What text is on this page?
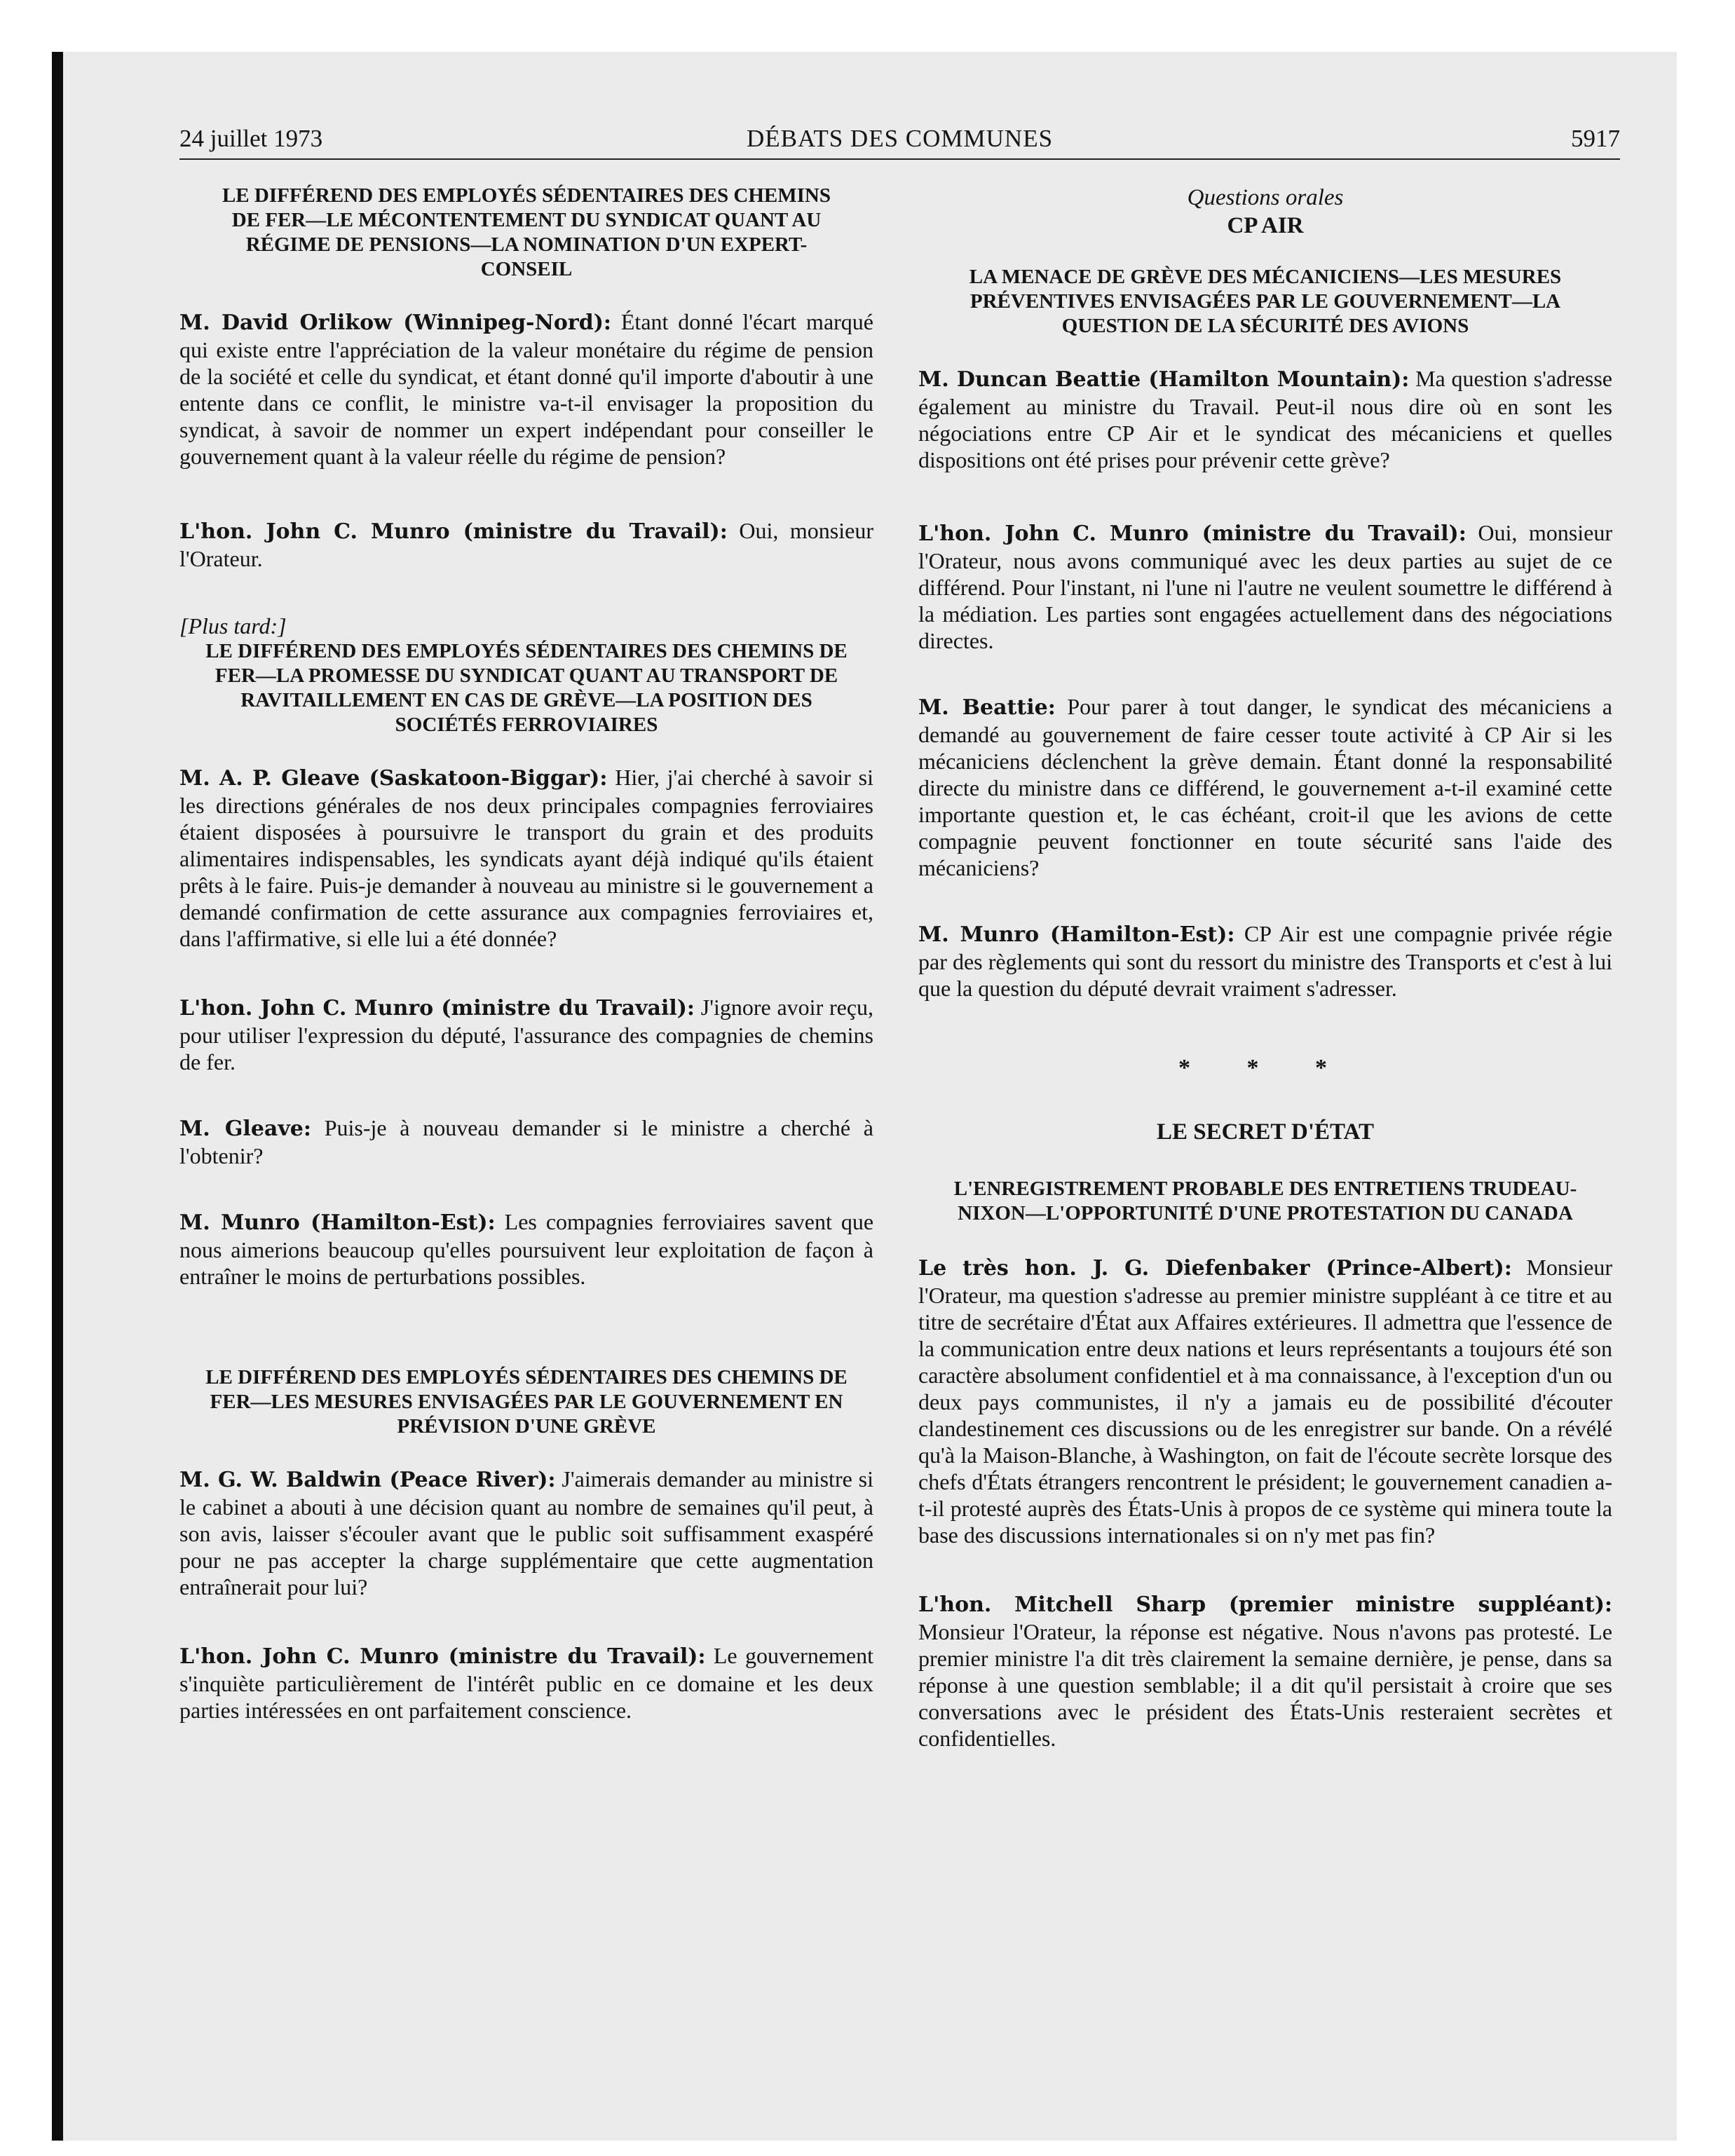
24 juillet 1973	DÉBATS DES COMMUNES	5917

LE DIFFÉREND DES EMPLOYÉS SÉDENTAIRES DES CHEMINS DE FER—LE MÉCONTENTEMENT DU SYNDICAT QUANT AU RÉGIME DE PENSIONS—LA NOMINATION D'UN EXPERT-CONSEIL

M. David Orlikow (Winnipeg-Nord): Étant donné l'écart marqué qui existe entre l'appréciation de la valeur monétaire du régime de pension de la société et celle du syndicat, et étant donné qu'il importe d'aboutir à une entente dans ce conflit, le ministre va-t-il envisager la proposition du syndicat, à savoir de nommer un expert indépendant pour conseiller le gouvernement quant à la valeur réelle du régime de pension?

L'hon. John C. Munro (ministre du Travail): Oui, monsieur l'Orateur.

[Plus tard:]

LE DIFFÉREND DES EMPLOYÉS SÉDENTAIRES DES CHEMINS DE FER—LA PROMESSE DU SYNDICAT QUANT AU TRANSPORT DE RAVITAILLEMENT EN CAS DE GRÈVE—LA POSITION DES SOCIÉTÉS FERROVIAIRES

M. A. P. Gleave (Saskatoon-Biggar): Hier, j'ai cherché à savoir si les directions générales de nos deux principales compagnies ferroviaires étaient disposées à poursuivre le transport du grain et des produits alimentaires indispensables, les syndicats ayant déjà indiqué qu'ils étaient prêts à le faire. Puis-je demander à nouveau au ministre si le gouvernement a demandé confirmation de cette assurance aux compagnies ferroviaires et, dans l'affirmative, si elle lui a été donnée?

L'hon. John C. Munro (ministre du Travail): J'ignore avoir reçu, pour utiliser l'expression du député, l'assurance des compagnies de chemins de fer.

M. Gleave: Puis-je à nouveau demander si le ministre a cherché à l'obtenir?

M. Munro (Hamilton-Est): Les compagnies ferroviaires savent que nous aimerions beaucoup qu'elles poursuivent leur exploitation de façon à entraîner le moins de perturbations possibles.

LE DIFFÉREND DES EMPLOYÉS SÉDENTAIRES DES CHEMINS DE FER—LES MESURES ENVISAGÉES PAR LE GOUVERNEMENT EN PRÉVISION D'UNE GRÈVE

M. G. W. Baldwin (Peace River): J'aimerais demander au ministre si le cabinet a abouti à une décision quant au nombre de semaines qu'il peut, à son avis, laisser s'écouler avant que le public soit suffisamment exaspéré pour ne pas accepter la charge supplémentaire que cette augmentation entraînerait pour lui?

L'hon. John C. Munro (ministre du Travail): Le gouvernement s'inquiète particulièrement de l'intérêt public en ce domaine et les deux parties intéressées en ont parfaitement conscience.

Questions orales

CP AIR

LA MENACE DE GRÈVE DES MÉCANICIENS—LES MESURES PRÉVENTIVES ENVISAGÉES PAR LE GOUVERNEMENT—LA QUESTION DE LA SÉCURITÉ DES AVIONS

M. Duncan Beattie (Hamilton Mountain): Ma question s'adresse également au ministre du Travail. Peut-il nous dire où en sont les négociations entre CP Air et le syndicat des mécaniciens et quelles dispositions ont été prises pour prévenir cette grève?

L'hon. John C. Munro (ministre du Travail): Oui, monsieur l'Orateur, nous avons communiqué avec les deux parties au sujet de ce différend. Pour l'instant, ni l'une ni l'autre ne veulent soumettre le différend à la médiation. Les parties sont engagées actuellement dans des négociations directes.

M. Beattie: Pour parer à tout danger, le syndicat des mécaniciens a demandé au gouvernement de faire cesser toute activité à CP Air si les mécaniciens déclenchent la grève demain. Étant donné la responsabilité directe du ministre dans ce différend, le gouvernement a-t-il examiné cette importante question et, le cas échéant, croit-il que les avions de cette compagnie peuvent fonctionner en toute sécurité sans l'aide des mécaniciens?

M. Munro (Hamilton-Est): CP Air est une compagnie privée régie par des règlements qui sont du ressort du ministre des Transports et c'est à lui que la question du député devrait vraiment s'adresser.

* * *

LE SECRET D'ÉTAT

L'ENREGISTREMENT PROBABLE DES ENTRETIENS TRUDEAU-NIXON—L'OPPORTUNITÉ D'UNE PROTESTATION DU CANADA

Le très hon. J. G. Diefenbaker (Prince-Albert): Monsieur l'Orateur, ma question s'adresse au premier ministre suppléant à ce titre et au titre de secrétaire d'État aux Affaires extérieures. Il admettra que l'essence de la communication entre deux nations et leurs représentants a toujours été son caractère absolument confidentiel et à ma connaissance, à l'exception d'un ou deux pays communistes, il n'y a jamais eu de possibilité d'écouter clandestinement ces discussions ou de les enregistrer sur bande. On a révélé qu'à la Maison-Blanche, à Washington, on fait de l'écoute secrète lorsque des chefs d'États étrangers rencontrent le président; le gouvernement canadien a-t-il protesté auprès des États-Unis à propos de ce système qui minera toute la base des discussions internationales si on n'y met pas fin?

L'hon. Mitchell Sharp (premier ministre suppléant): Monsieur l'Orateur, la réponse est négative. Nous n'avons pas protesté. Le premier ministre l'a dit très clairement la semaine dernière, je pense, dans sa réponse à une question semblable; il a dit qu'il persistait à croire que ses conversations avec le président des États-Unis resteraient secrètes et confidentielles.
